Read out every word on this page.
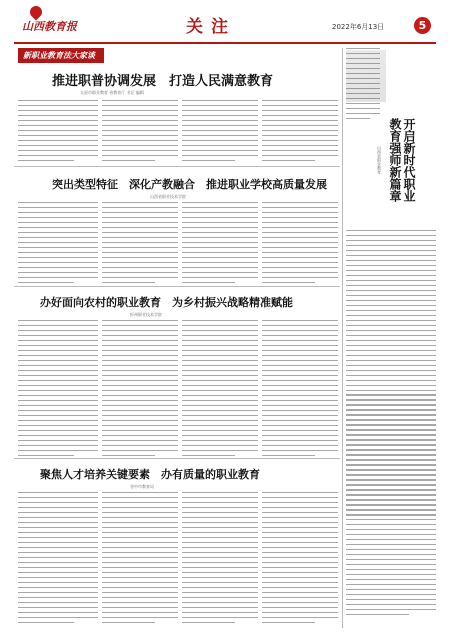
山西教育报	关注	2022年6月13日	5
新职业教育法大家谈
推进职普协调发展　打造人民满意教育
太原市职业教育 省教育厅 书记 编辑
突出类型特征　深化产教融合　推进职业学校高质量发展
山西省职业技术学院
办好面向农村的职业教育　为乡村振兴战略精准赋能
忻州职业技术学院
聚焦人才培养关键要素　办有质量的职业教育
晋中市教育局
开启新时代职业
教育强师新篇章
山西省职业教育
